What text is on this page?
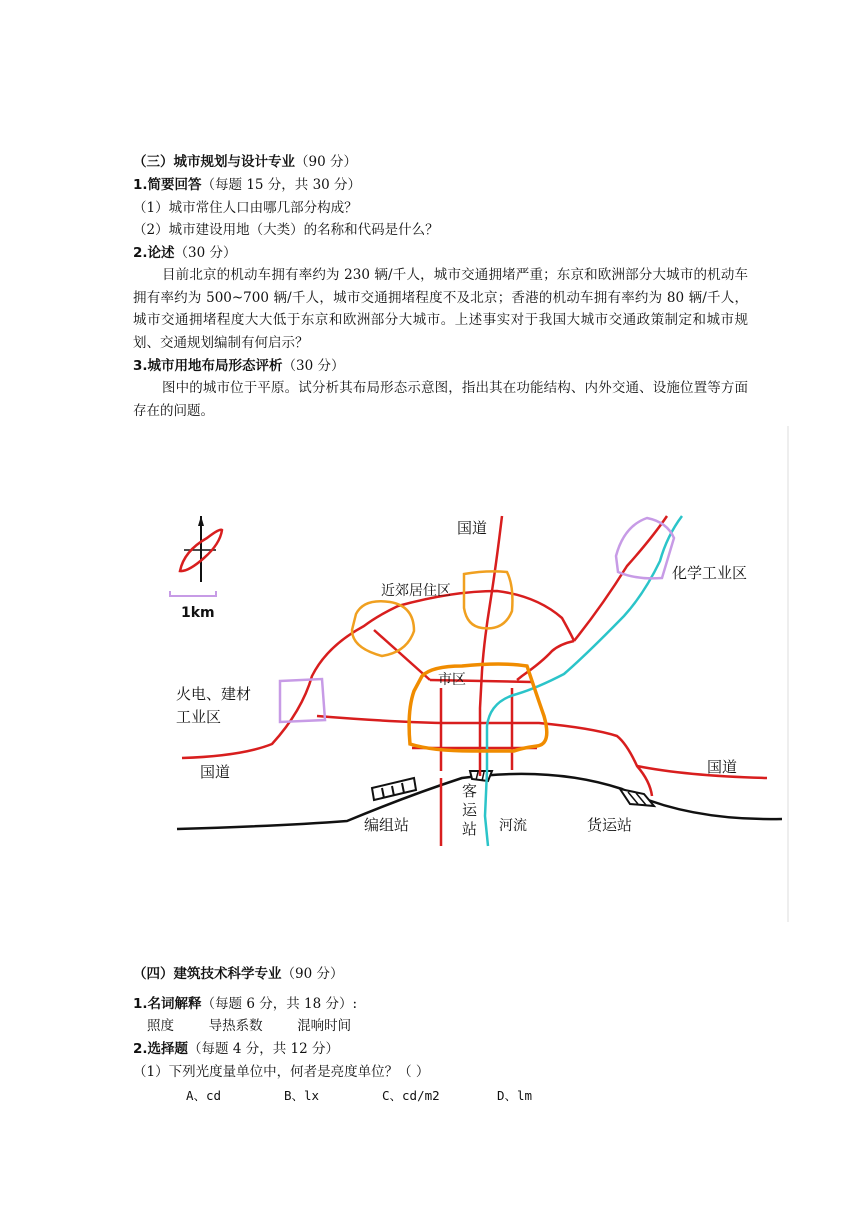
（三）城市规划与设计专业（90 分）
1.简要回答（每题 15 分，共 30 分）
（1）城市常住人口由哪几部分构成？
（2）城市建设用地（大类）的名称和代码是什么？
2.论述（30 分）
目前北京的机动车拥有率约为 230 辆/千人，城市交通拥堵严重；东京和欧洲部分大城市的机动车拥有率约为 500~700 辆/千人，城市交通拥堵程度不及北京；香港的机动车拥有率约为 80 辆/千人，城市交通拥堵程度大大低于东京和欧洲部分大城市。上述事实对于我国大城市交通政策制定和城市规划、交通规划编制有何启示？
3.城市用地布局形态评析（30 分）
图中的城市位于平原。试分析其布局形态示意图，指出其在功能结构、内外交通、设施位置等方面存在的问题。
1km
国道
化学工业区
近郊居住区
市区
火电、建材
工业区
国道	国道
客
运
站
编组站	河流	货运站
（四）建筑技术科学专业（90 分）
1.名词解释（每题 6 分，共 18 分）:
照度	导热系数	混响时间
2.选择题（每题 4 分，共 12 分）
（1）下列光度量单位中，何者是亮度单位？（ ）
A、cd	B、lx	C、cd/m2	D、lm
